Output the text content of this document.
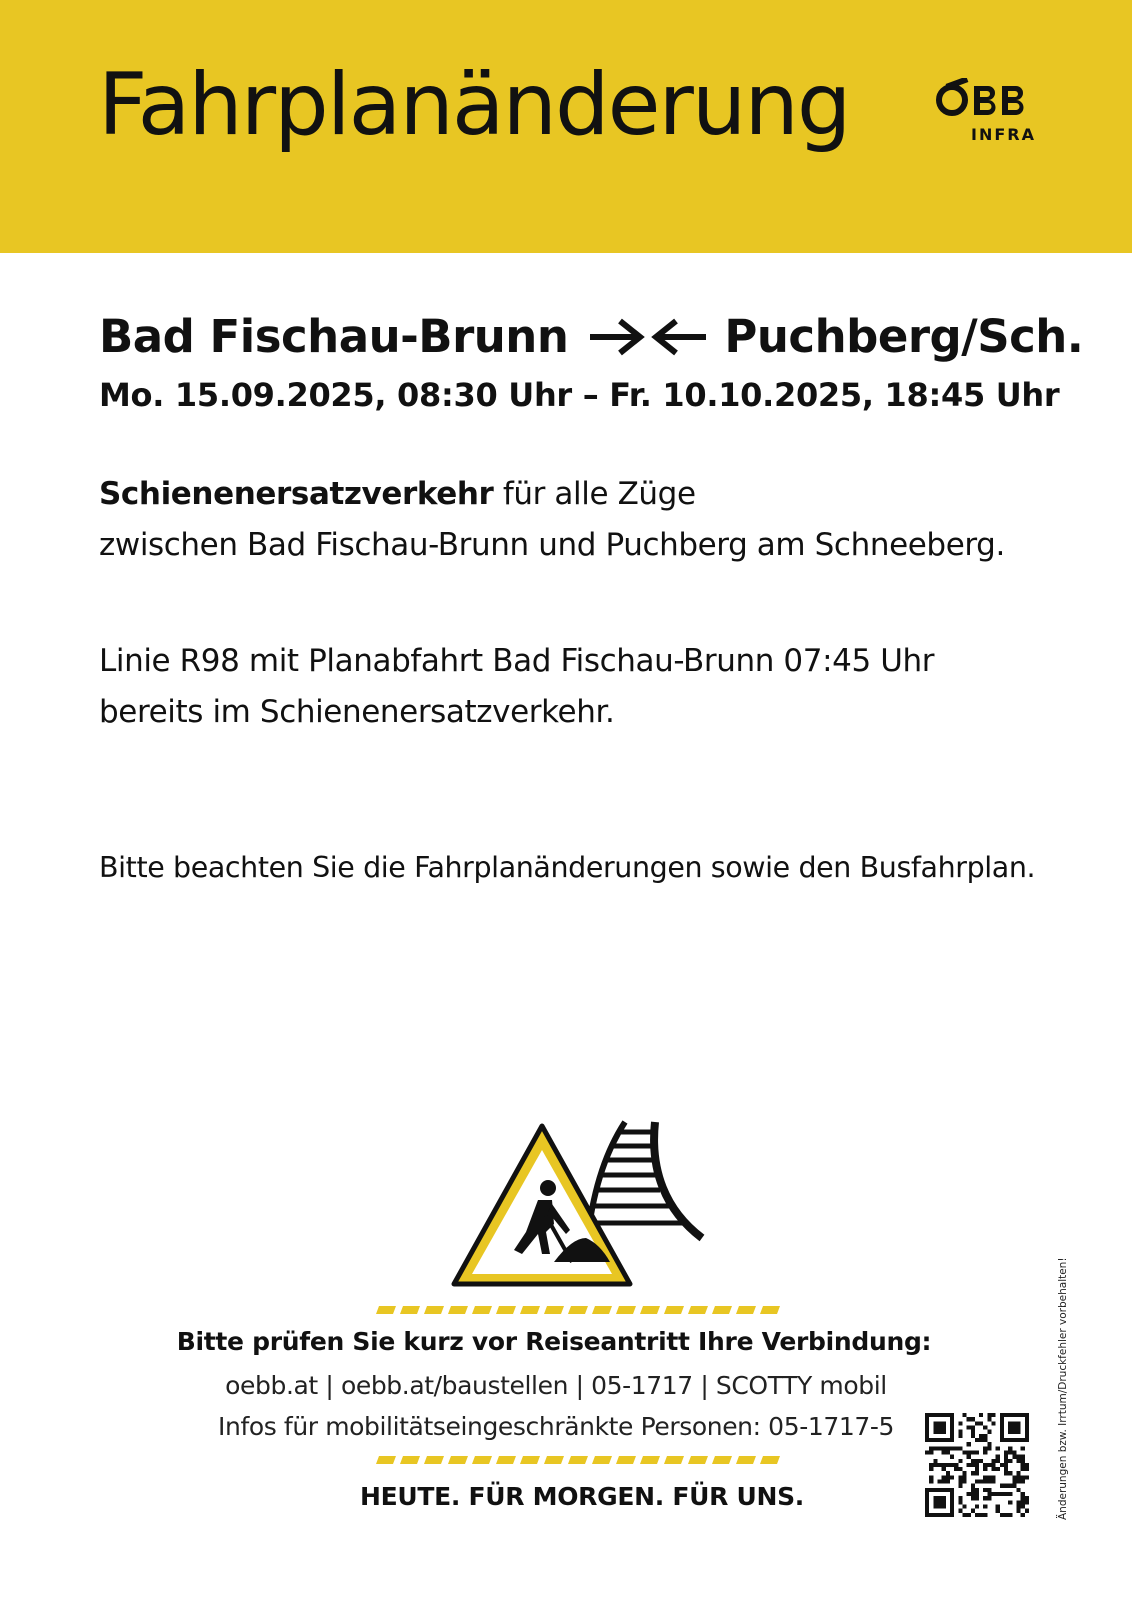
Fahrplanänderung	INFRA
Bad Fischau-Brunn	Puchberg/Sch.
Mo. 15.09.2025, 08:30 Uhr – Fr. 10.10.2025, 18:45 Uhr
Schienenersatzverkehr für alle Züge
zwischen Bad Fischau-Brunn und Puchberg am Schneeberg.
Linie R98 mit Planabfahrt Bad Fischau-Brunn 07:45 Uhr
bereits im Schienenersatzverkehr.
Bitte beachten Sie die Fahrplanänderungen sowie den Busfahrplan.
Bitte prüfen Sie kurz vor Reiseantritt Ihre Verbindung:
oebb.at | oebb.at/baustellen | 05-1717 | SCOTTY mobil
Infos für mobilitätseingeschränkte Personen: 05-1717-5
HEUTE. FÜR MORGEN. FÜR UNS.	Änderungen bzw. Irrtum/Druckfehler vorbehalten!
